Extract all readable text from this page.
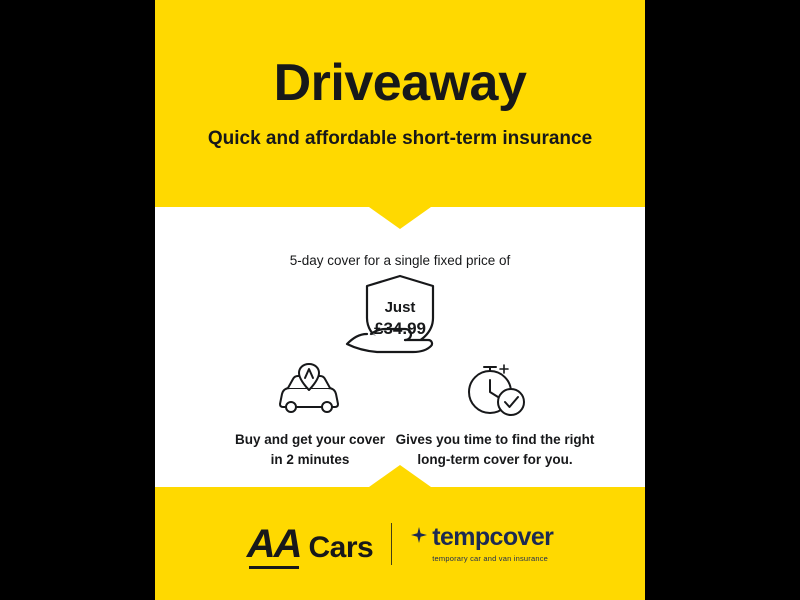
Driveaway
Quick and affordable short-term insurance
5-day cover for a single fixed price of
Just
£34.99
Buy and get your cover
in 2 minutes
Gives you time to find the right
long-term cover for you.
AA Cars tempcover
temporary car and van insurance
